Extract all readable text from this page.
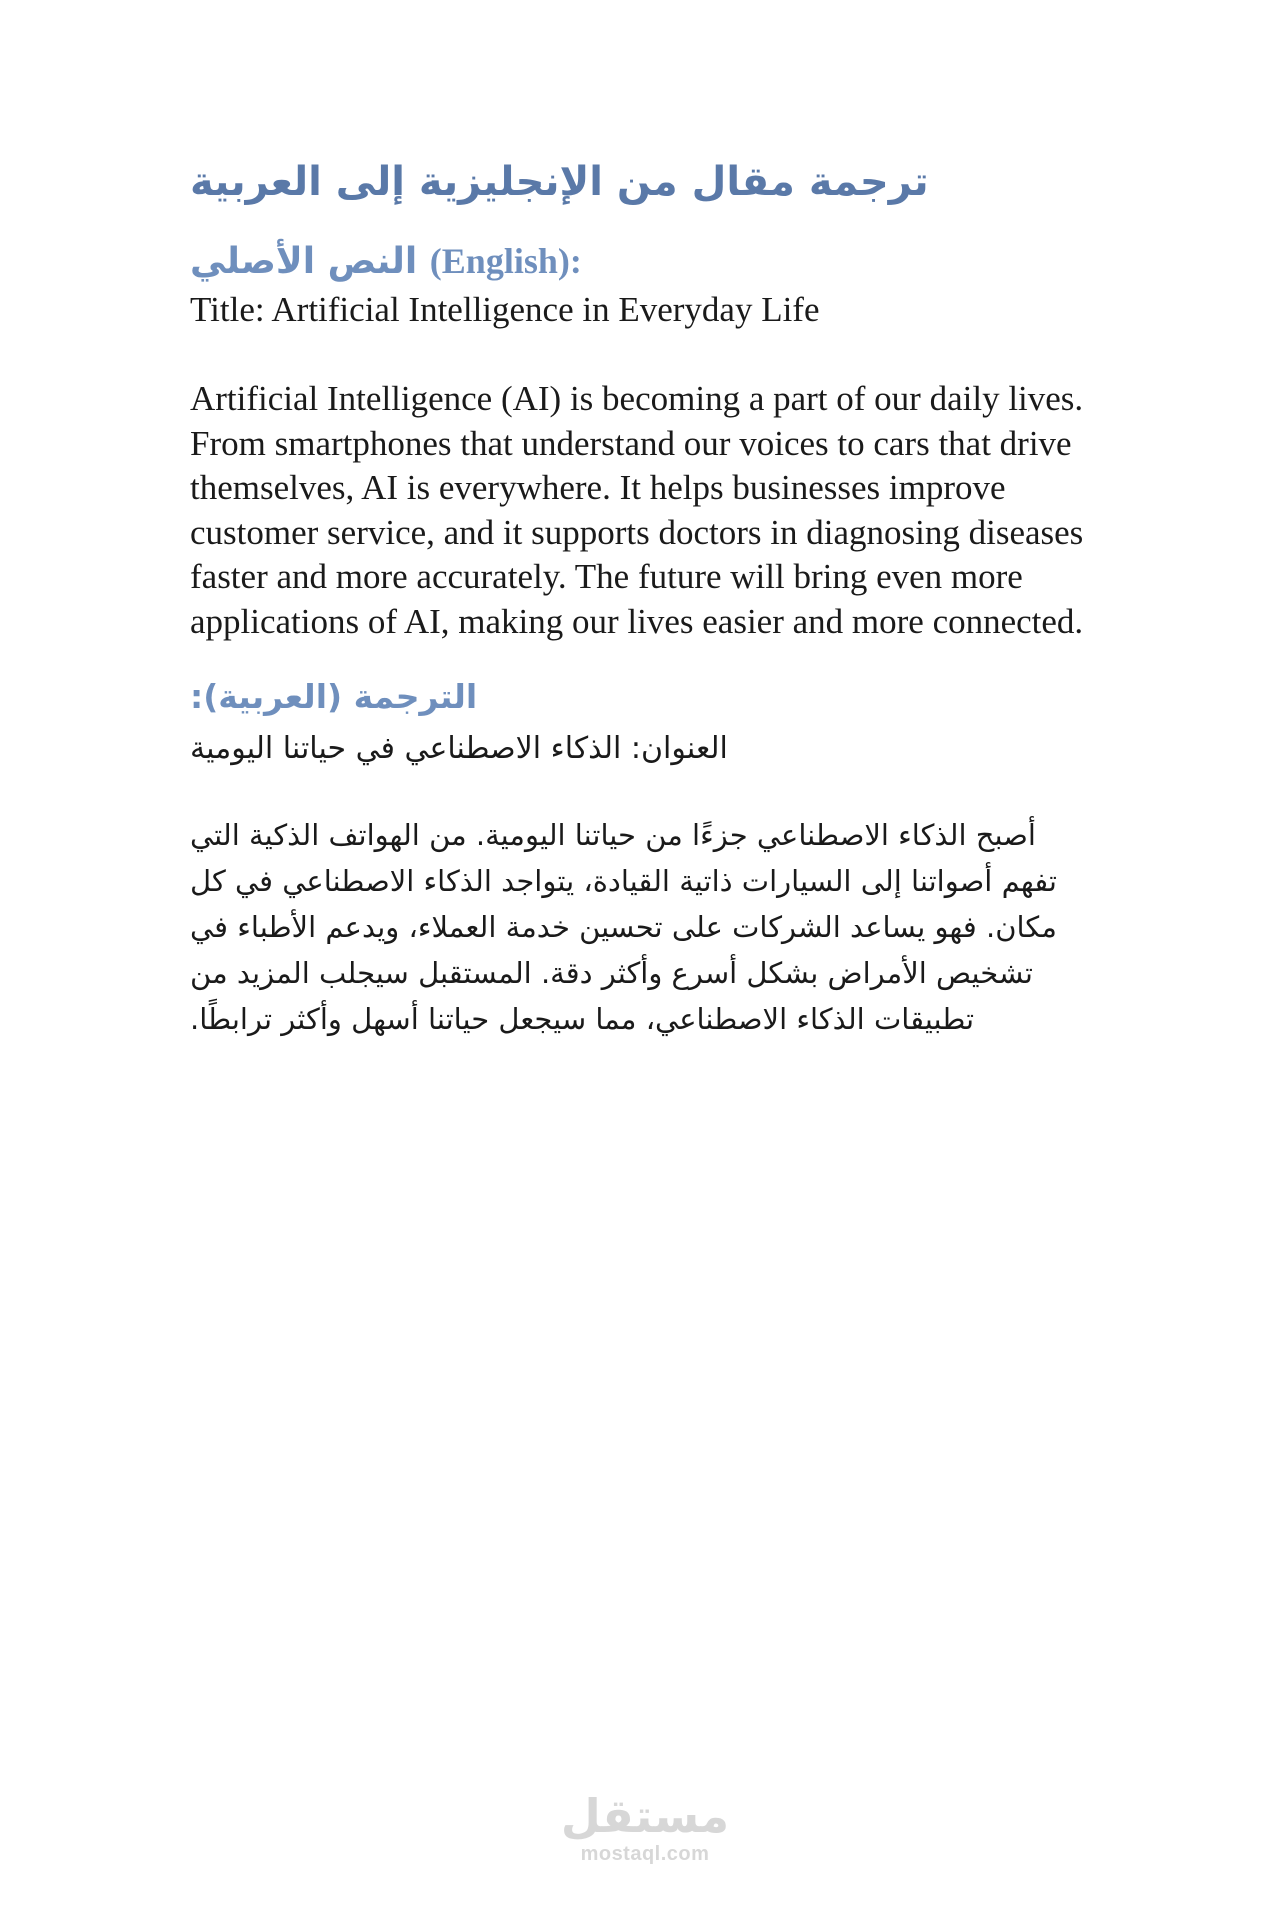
ترجمة مقال من الإنجليزية إلى العربية
النص الأصلي (English):

Title: Artificial Intelligence in Everyday Life

Artificial Intelligence (AI) is becoming a part of our daily lives. From smartphones that understand our voices to cars that drive themselves, AI is everywhere. It helps businesses improve customer service, and it supports doctors in diagnosing diseases faster and more accurately. The future will bring even more applications of AI, making our lives easier and more connected.

الترجمة (العربية):

العنوان: الذكاء الاصطناعي في حياتنا اليومية

أصبح الذكاء الاصطناعي جزءًا من حياتنا اليومية. من الهواتف الذكية التي تفهم أصواتنا إلى السيارات ذاتية القيادة، يتواجد الذكاء الاصطناعي في كل مكان. فهو يساعد الشركات على تحسين خدمة العملاء، ويدعم الأطباء في تشخيص الأمراض بشكل أسرع وأكثر دقة. المستقبل سيجلب المزيد من تطبيقات الذكاء الاصطناعي، مما سيجعل حياتنا أسهل وأكثر ترابطًا.

مستقل
mostaql.com
